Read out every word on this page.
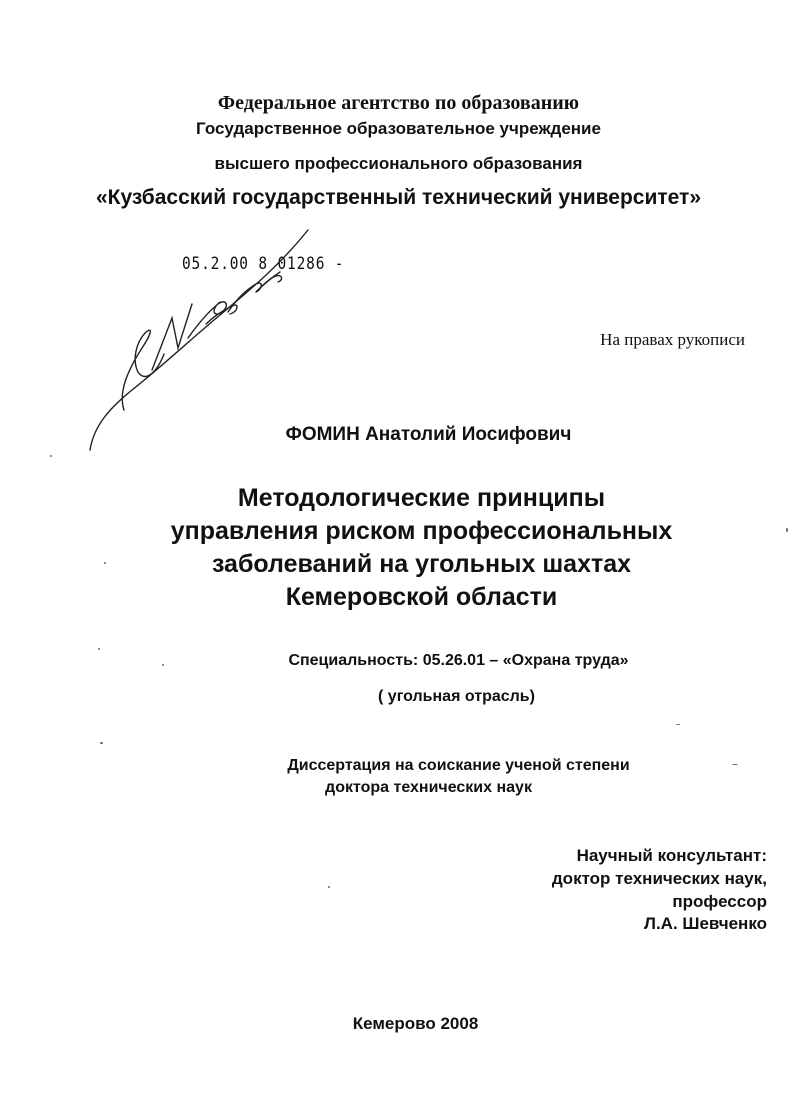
Федеральное агентство по образованию
Государственное образовательное учреждение
высшего профессионального образования
«Кузбасский государственный технический университет»
05.2.00 8 01286 -
На правах рукописи
ФОМИН Анатолий Иосифович
Методологические принципы
управления риском профессиональных
заболеваний на угольных шахтах
Кемеровской области
Специальность: 05.26.01 – «Охрана труда»
( угольная отрасль)
Диссертация на соискание ученой степени
доктора технических наук
Научный консультант:
доктор технических наук,
профессор
Л.А. Шевченко
Кемерово 2008
